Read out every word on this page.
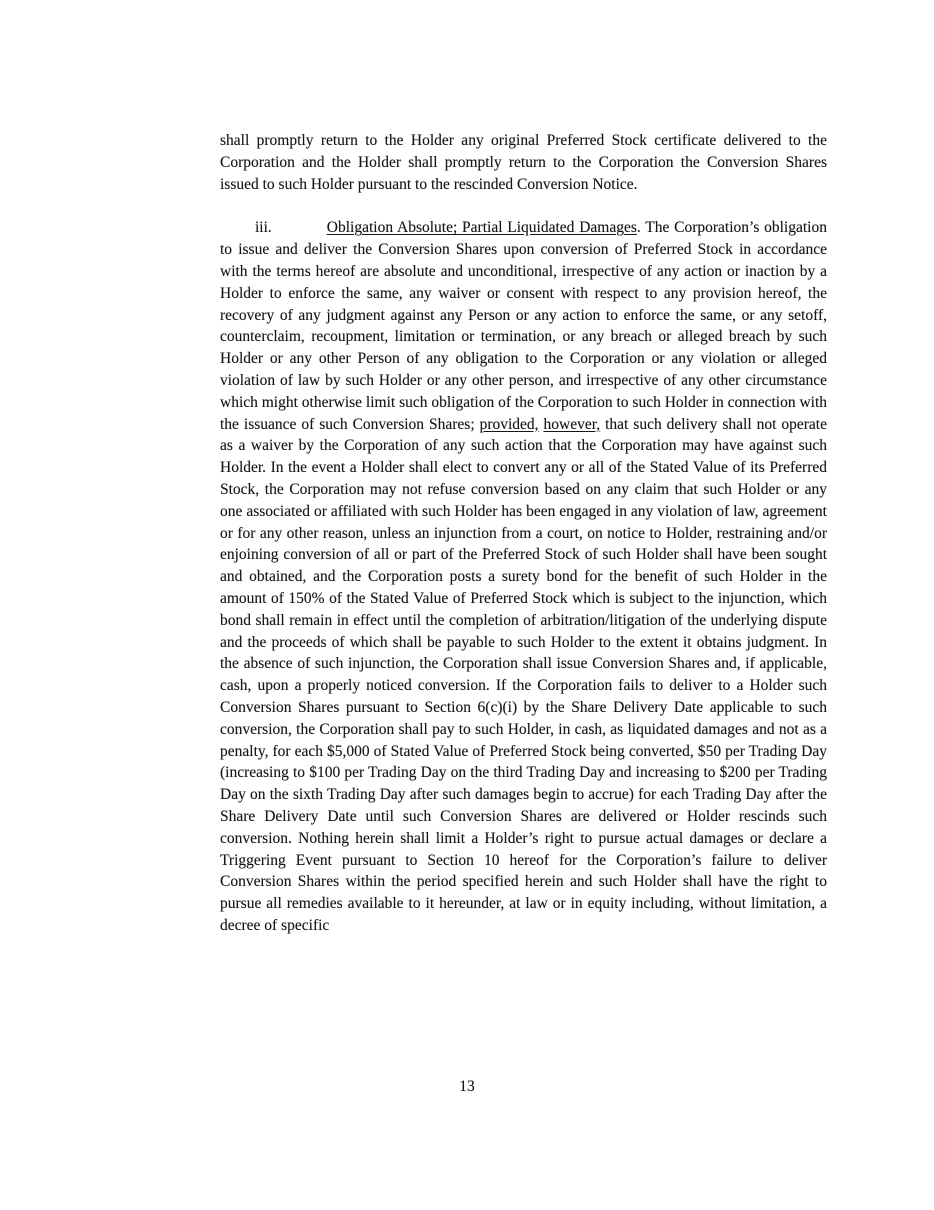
shall promptly return to the Holder any original Preferred Stock certificate delivered to the Corporation and the Holder shall promptly return to the Corporation the Conversion Shares issued to such Holder pursuant to the rescinded Conversion Notice.

iii.	Obligation Absolute; Partial Liquidated Damages. The Corporation’s obligation to issue and deliver the Conversion Shares upon conversion of Preferred Stock in accordance with the terms hereof are absolute and unconditional, irrespective of any action or inaction by a Holder to enforce the same, any waiver or consent with respect to any provision hereof, the recovery of any judgment against any Person or any action to enforce the same, or any setoff, counterclaim, recoupment, limitation or termination, or any breach or alleged breach by such Holder or any other Person of any obligation to the Corporation or any violation or alleged violation of law by such Holder or any other person, and irrespective of any other circumstance which might otherwise limit such obligation of the Corporation to such Holder in connection with the issuance of such Conversion Shares; provided, however, that such delivery shall not operate as a waiver by the Corporation of any such action that the Corporation may have against such Holder. In the event a Holder shall elect to convert any or all of the Stated Value of its Preferred Stock, the Corporation may not refuse conversion based on any claim that such Holder or any one associated or affiliated with such Holder has been engaged in any violation of law, agreement or for any other reason, unless an injunction from a court, on notice to Holder, restraining and/or enjoining conversion of all or part of the Preferred Stock of such Holder shall have been sought and obtained, and the Corporation posts a surety bond for the benefit of such Holder in the amount of 150% of the Stated Value of Preferred Stock which is subject to the injunction, which bond shall remain in effect until the completion of arbitration/litigation of the underlying dispute and the proceeds of which shall be payable to such Holder to the extent it obtains judgment. In the absence of such injunction, the Corporation shall issue Conversion Shares and, if applicable, cash, upon a properly noticed conversion. If the Corporation fails to deliver to a Holder such Conversion Shares pursuant to Section 6(c)(i) by the Share Delivery Date applicable to such conversion, the Corporation shall pay to such Holder, in cash, as liquidated damages and not as a penalty, for each $5,000 of Stated Value of Preferred Stock being converted, $50 per Trading Day (increasing to $100 per Trading Day on the third Trading Day and increasing to $200 per Trading Day on the sixth Trading Day after such damages begin to accrue) for each Trading Day after the Share Delivery Date until such Conversion Shares are delivered or Holder rescinds such conversion. Nothing herein shall limit a Holder’s right to pursue actual damages or declare a Triggering Event pursuant to Section 10 hereof for the Corporation’s failure to deliver Conversion Shares within the period specified herein and such Holder shall have the right to pursue all remedies available to it hereunder, at law or in equity including, without limitation, a decree of specific

13
